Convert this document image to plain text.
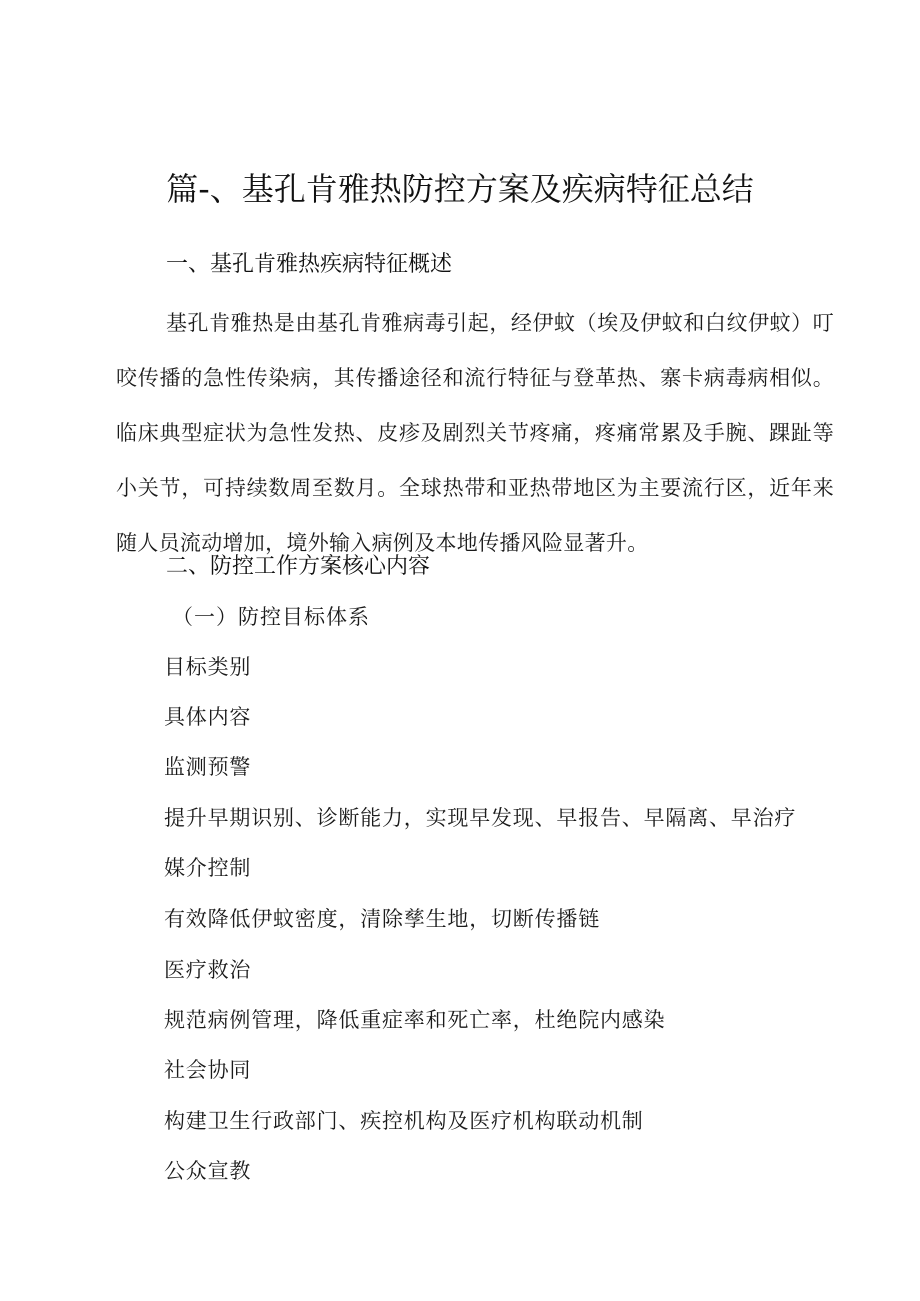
篇-、基孔肯雅热防控方案及疾病特征总结
一、基孔肯雅热疾病特征概述

基孔肯雅热是由基孔肯雅病毒引起，经伊蚊（埃及伊蚊和白纹伊蚊）叮咬传播的急性传染病，其传播途径和流行特征与登革热、寨卡病毒病相似。临床典型症状为急性发热、皮疹及剧烈关节疼痛，疼痛常累及手腕、踝趾等小关节，可持续数周至数月。全球热带和亚热带地区为主要流行区，近年来随人员流动增加，境外输入病例及本地传播风险显著升。

二、防控工作方案核心内容
（一）防控目标体系
目标类别
具体内容
监测预警
提升早期识别、诊断能力，实现早发现、早报告、早隔离、早治疗
媒介控制
有效降低伊蚊密度，清除孳生地，切断传播链
医疗救治
规范病例管理，降低重症率和死亡率，杜绝院内感染
社会协同
构建卫生行政部门、疾控机构及医疗机构联动机制
公众宣教
